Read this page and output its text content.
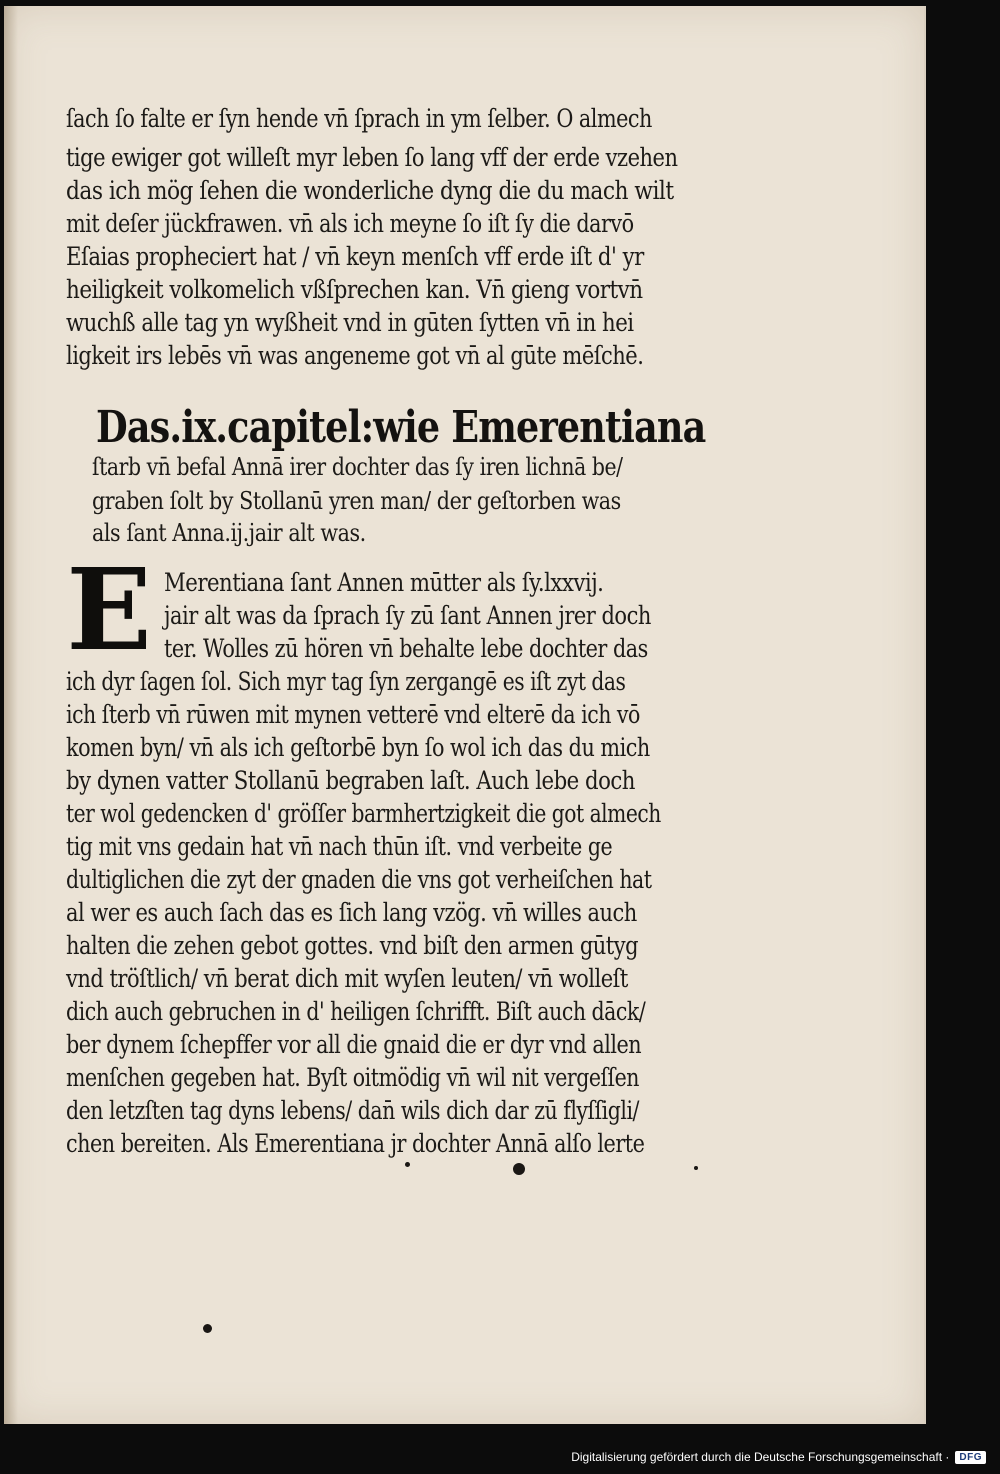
ſach ſo falte er ſyn hende vn̄ ſprach in ym ſelber. O almech

tige ewiger got willeſt myr leben ſo lang vff der erde vzehen

das ich mög ſehen die wonderliche dyng die du mach wilt

mit deſer jückfrawen. vn̄ als ich meyne ſo iſt ſy die darvō

Eſaias propheciert hat / vn̄ keyn menſch vff erde iſt d' yr

heiligkeit volkomelich vßſprechen kan. Vn̄ gieng vortvn̄

wuchß alle tag yn wyßheit vnd in gūten ſytten vn̄ in hei

ligkeit irs lebēs vn̄ was angeneme got vn̄ al gūte mēſchē.

Das.ix.capitel:wie Emerentiana

ſtarb vn̄ befal Annā irer dochter das ſy iren lichnā be/

graben ſolt by Stollanū yren man/ der geſtorben was

als ſant Anna.ij.jair alt was.

E Merentiana ſant Annen mūtter als ſy.lxxvij.

jair alt was da ſprach ſy zū ſant Annen jrer doch

ter. Wolles zū hören vn̄ behalte lebe dochter das

ich dyr ſagen ſol. Sich myr tag ſyn zergangē es iſt zyt das

ich ſterb vn̄ rūwen mit mynen vetterē vnd elterē da ich vō

komen byn/ vn̄ als ich geſtorbē byn ſo wol ich das du mich

by dynen vatter Stollanū begraben laſt. Auch lebe doch

ter wol gedencken d' gröſſer barmhertzigkeit die got almech

tig mit vns gedain hat vn̄ nach thūn iſt. vnd verbeite ge

dultiglichen die zyt der gnaden die vns got verheiſchen hat

al wer es auch ſach das es ſich lang vzög. vn̄ willes auch

halten die zehen gebot gottes. vnd biſt den armen gūtyg

vnd tröſtlich/ vn̄ berat dich mit wyſen leuten/ vn̄ wolleſt

dich auch gebruchen in d' heiligen ſchrifft. Biſt auch dāck/

ber dynem ſchepffer vor all die gnaid die er dyr vnd allen

menſchen gegeben hat. Byſt oitmödig vn̄ wil nit vergeſſen

den letzſten tag dyns lebens/ dan̄ wils dich dar zū flyſſigli/

chen bereiten. Als Emerentiana jr dochter Annā alſo lerte

Digitalisierung gefördert durch die Deutsche Forschungsgemeinschaft ·	DFG
